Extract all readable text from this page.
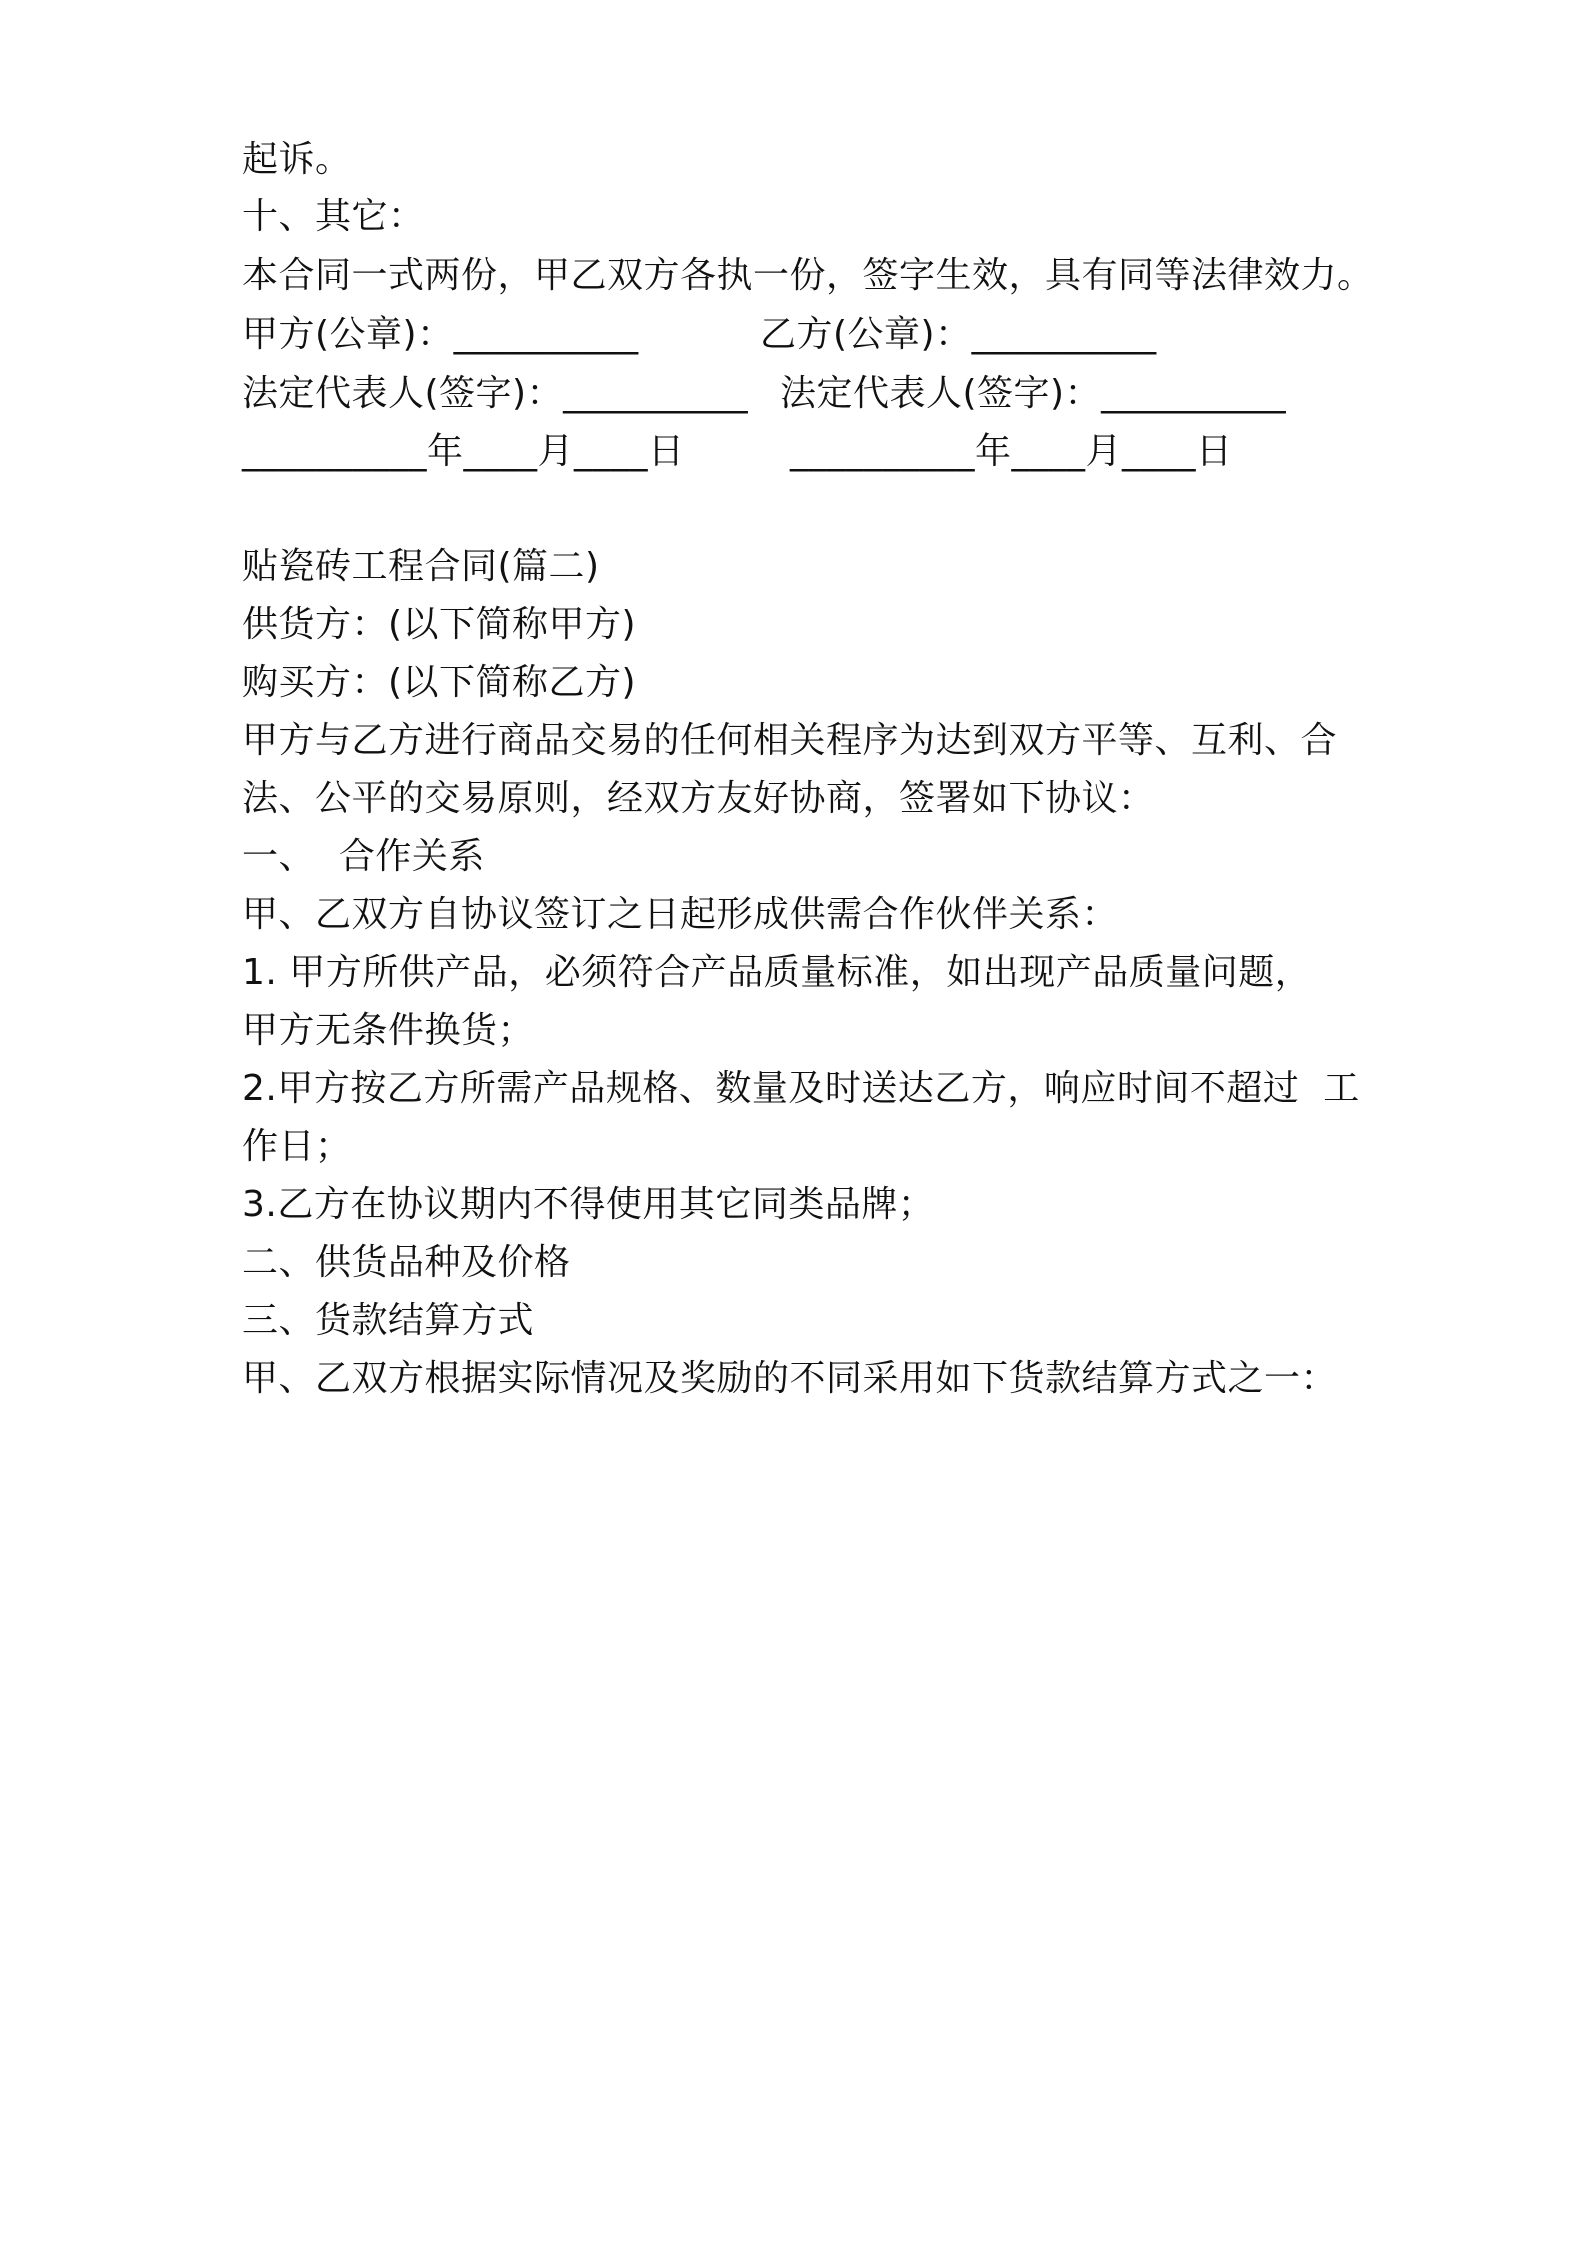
起诉。
十、其它：
本合同一式两份，甲乙双方各执一份，签字生效，具有同等法律效力。
甲方(公章)：__________	乙方(公章)：__________
法定代表人(签字)：__________ 法定代表人(签字)：__________
__________年____月____日	__________年____月____日
贴瓷砖工程合同(篇二)
供货方：(以下简称甲方)
购买方：(以下简称乙方)
甲方与乙方进行商品交易的任何相关程序为达到双方平等、互利、合
法、公平的交易原则，经双方友好协商，签署如下协议：
一、  合作关系
甲、乙双方自协议签订之日起形成供需合作伙伴关系：
1. 甲方所供产品，必须符合产品质量标准，如出现产品质量问题，
甲方无条件换货；
2.甲方按乙方所需产品规格、数量及时送达乙方，响应时间不超过  工
作日；
3.乙方在协议期内不得使用其它同类品牌；
二、供货品种及价格
三、货款结算方式
甲、乙双方根据实际情况及奖励的不同采用如下货款结算方式之一：
